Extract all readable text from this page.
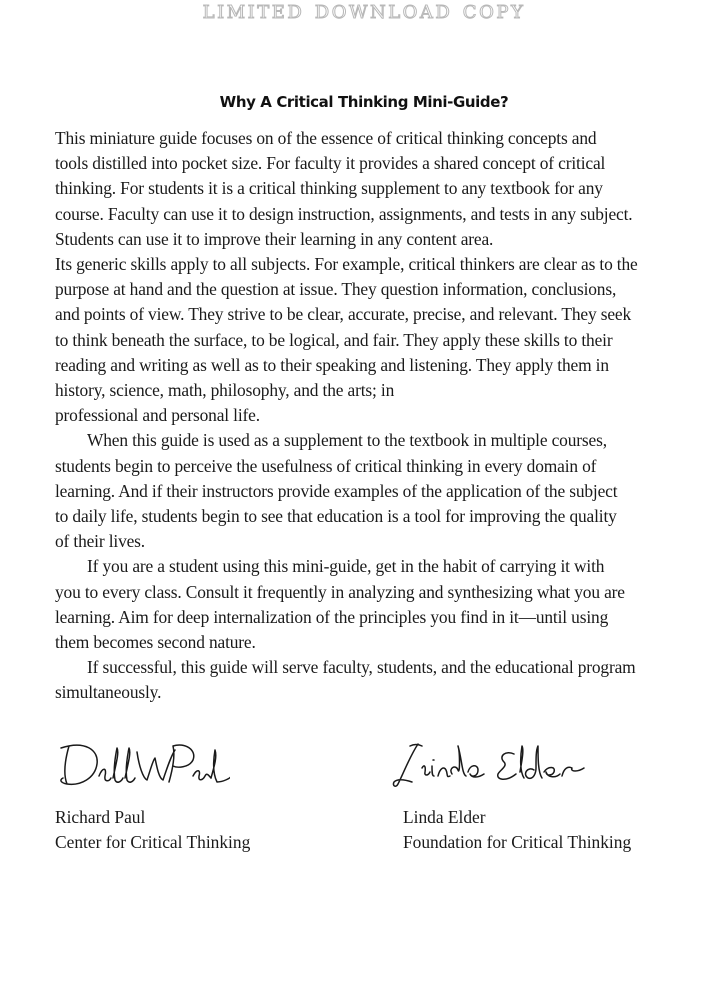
limited download copy
Why A Critical Thinking Mini-Guide?
This miniature guide focuses on of the essence of critical thinking concepts and
tools distilled into pocket size. For faculty it provides a shared concept of critical
thinking. For students it is a critical thinking supplement to any textbook for any
course. Faculty can use it to design instruction, assignments, and tests in any subject.
Students can use it to improve their learning in any content area.
Its generic skills apply to all subjects. For example, critical thinkers are clear as to the
purpose at hand and the question at issue. They question information, conclusions,
and points of view. They strive to be clear, accurate, precise, and relevant. They seek
to think beneath the surface, to be logical, and fair. They apply these skills to their
reading and writing as well as to their speaking and listening. They apply them in
history, science, math, philosophy, and the arts; in
professional and personal life.
When this guide is used as a supplement to the textbook in multiple courses,
students begin to perceive the usefulness of critical thinking in every domain of
learning. And if their instructors provide examples of the application of the subject
to daily life, students begin to see that education is a tool for improving the quality
of their lives.
If you are a student using this mini-guide, get in the habit of carrying it with
you to every class. Consult it frequently in analyzing and synthesizing what you are
learning. Aim for deep internalization of the principles you find in it—until using
them becomes second nature.
If successful, this guide will serve faculty, students, and the educational program
simultaneously.
Richard Paul
Center for Critical Thinking
Linda Elder
Foundation for Critical Thinking
